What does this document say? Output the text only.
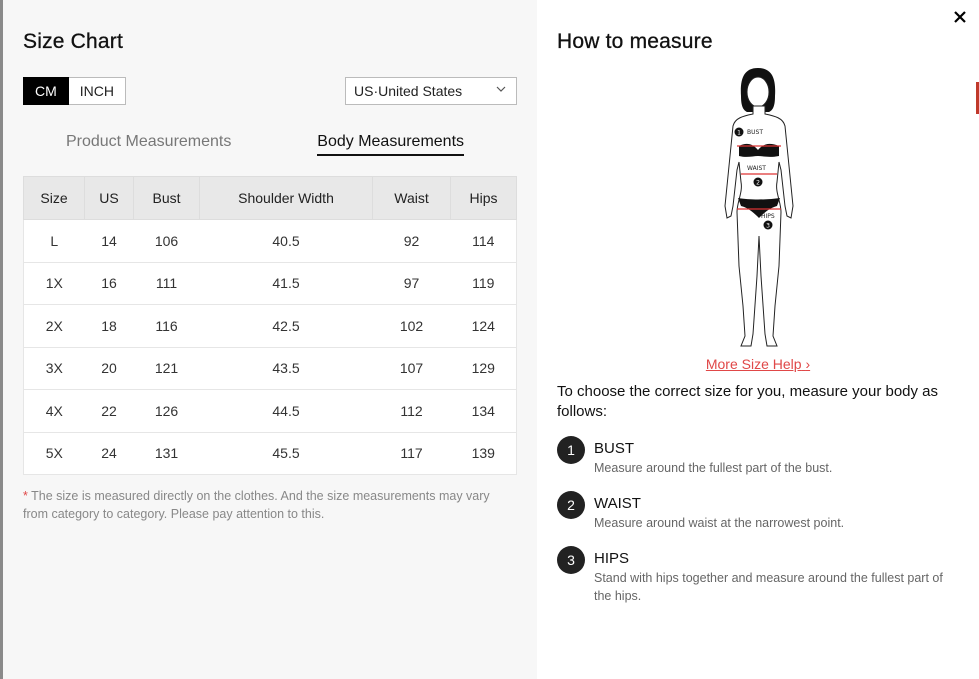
Size Chart
CM	INCH	US·United States
Product Measurements	Body Measurements
Size	US	Bust	Shoulder Width	Waist	Hips
L	14	106	40.5	92	114
1X	16	111	41.5	97	119
2X	18	116	42.5	102	124
3X	20	121	43.5	107	129
4X	22	126	44.5	112	134
5X	24	131	45.5	117	139

* The size is measured directly on the clothes. And the size measurements may vary from category to category. Please pay attention to this.

How to measure
1 BUST
WAIST
2
HIPS
3
More Size Help ›

To choose the correct size for you, measure your body as follows:

1	BUST
Measure around the fullest part of the bust.
2	WAIST
Measure around waist at the narrowest point.
3	HIPS
Stand with hips together and measure around the fullest part of the hips.
